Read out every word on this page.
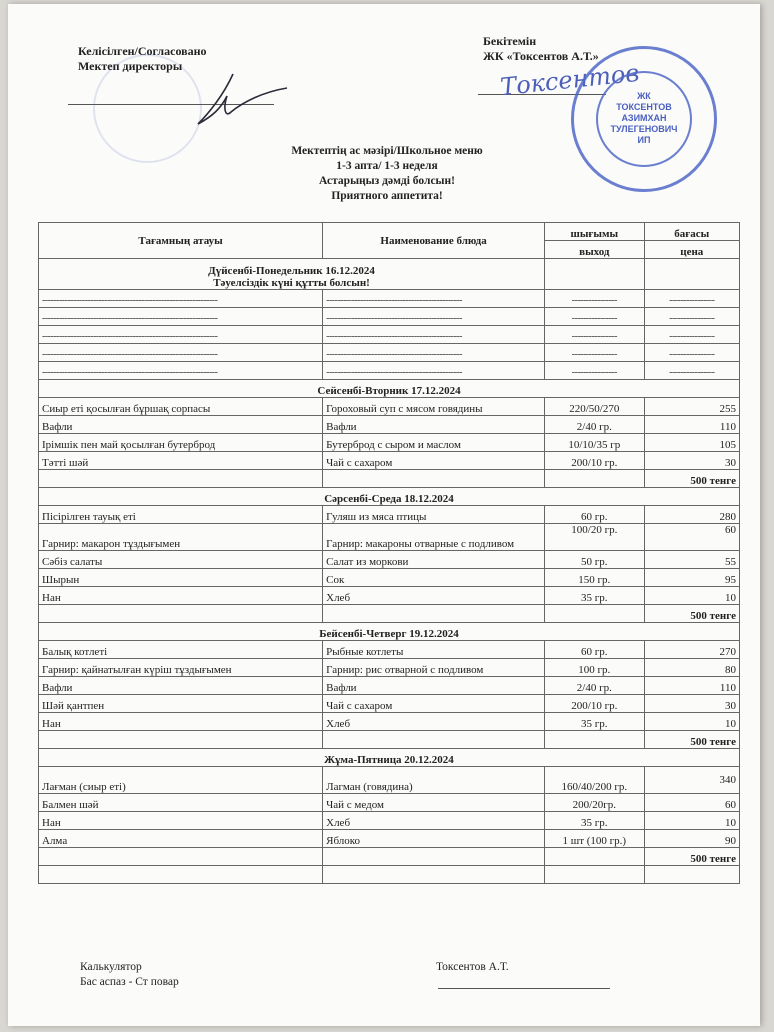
Келісілген/Согласовано
Мектеп директоры
Бекітемін
ЖК «Токсентов А.Т.»
Токсентов
ЖК
ТОКСЕНТОВ
АЗИМХАН
ТУЛЕГЕНОВИЧ
ИП
Мектептің ас мәзірі/Школьное меню
1-3 апта/ 1-3 неделя
Астарыңыз дәмді болсын!
Приятного аппетита!
Тағамның атауы	Наименование блюда	шығымы	бағасы
		выход	цена

Дүйсенбі-Понедельник 16.12.2024
Тәуелсіздік күні құтты болсын!			

--------------------------------------------------------------	------------------------------------------------	----------------	----------------
--------------------------------------------------------------	------------------------------------------------	----------------	----------------
--------------------------------------------------------------	------------------------------------------------	----------------	----------------
--------------------------------------------------------------	------------------------------------------------	----------------	----------------
--------------------------------------------------------------	------------------------------------------------	----------------	----------------
Сейсенбі-Вторник 17.12.2024			
Сиыр еті қосылған бұршақ сорпасы	Гороховый суп с мясом говядины	220/50/270	255
Вафли	Вафли	2/40 гр.	110
Ірімшік пен май қосылған бутерброд	Бутерброд с сыром и маслом	10/10/35 гр	105
Тәтті шәй	Чай с сахаром	200/10 гр.	30
			500 тенге
Сәрсенбі-Среда 18.12.2024			
Пісірілген тауық еті	Гуляш из мяса птицы	60 гр.	280
Гарнир: макарон тұздығымен	Гарнир: макароны отварные с подливом	100/20 гр.	60
Сәбіз салаты	Салат из моркови	50 гр.	55
Шырын	Сок	150 гр.	95
Нан	Хлеб	35 гр.	10
			500 тенге
Бейсенбі-Четверг 19.12.2024			
Балық котлеті	Рыбные котлеты	60 гр.	270
Гарнир: қайнатылған күріш тұздығымен	Гарнир: рис отварной с подливом	100 гр.	80
Вафли	Вафли	2/40 гр.	110
Шәй қантпен	Чай с сахаром	200/10 гр.	30
Нан	Хлеб	35 гр.	10
			500 тенге
Жұма-Пятница 20.12.2024			
Лағман (сиыр еті)	Лагман (говядина)	160/40/200 гр.	340
Балмен шәй	Чай с медом	200/20гр.	60
Нан	Хлеб	35 гр.	10
Алма	Яблоко	1 шт (100 гр.)	90
			500 тенге

Калькулятор
Бас аспаз - Ст повар
Токсентов А.Т.
